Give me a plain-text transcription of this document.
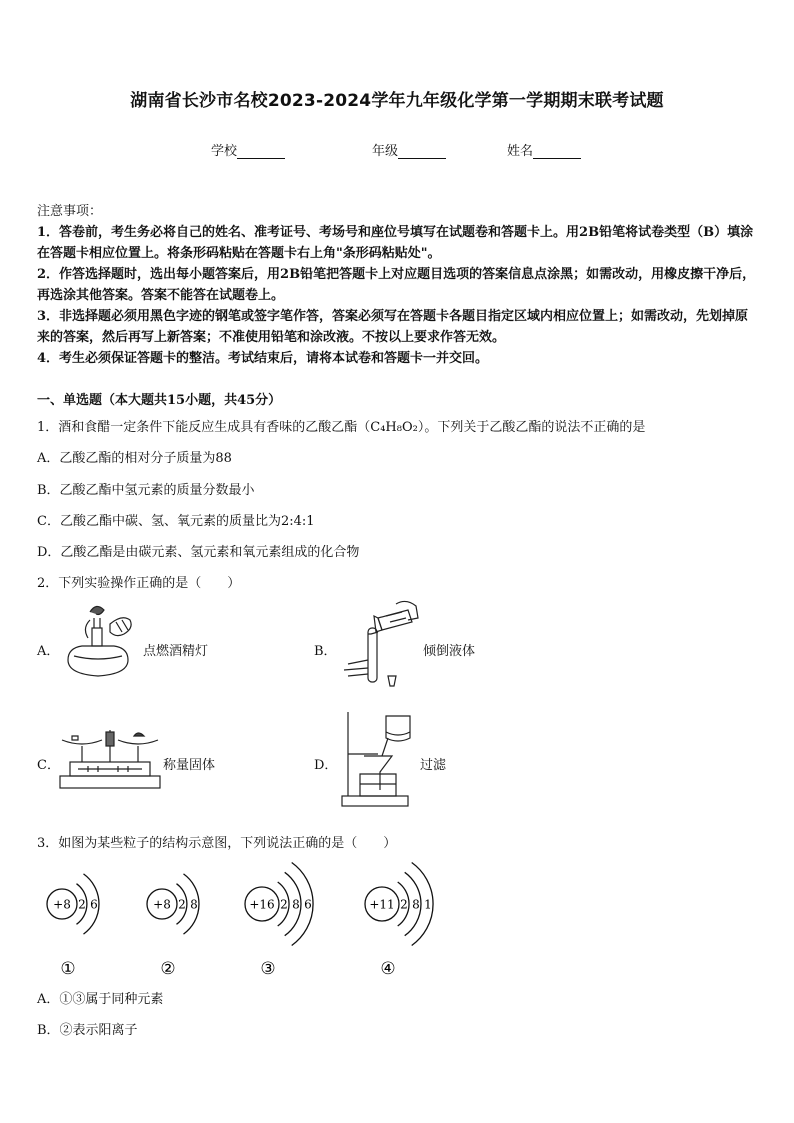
湖南省长沙市名校2023-2024学年九年级化学第一学期期末联考试题
学校	年级	姓名

注意事项：

1．答卷前，考生务必将自己的姓名、准考证号、考场号和座位号填写在试题卷和答题卡上。用2B铅笔将试卷类型（B）填涂在答题卡相应位置上。将条形码粘贴在答题卡右上角"条形码粘贴处"。

2．作答选择题时，选出每小题答案后，用2B铅笔把答题卡上对应题目选项的答案信息点涂黑；如需改动，用橡皮擦干净后，再选涂其他答案。答案不能答在试题卷上。

3．非选择题必须用黑色字迹的钢笔或签字笔作答，答案必须写在答题卡各题目指定区域内相应位置上；如需改动，先划掉原来的答案，然后再写上新答案；不准使用铅笔和涂改液。不按以上要求作答无效。

4．考生必须保证答题卡的整洁。考试结束后，请将本试卷和答题卡一并交回。

一、单选题（本大题共15小题，共45分）
1．酒和食醋一定条件下能反应生成具有香味的乙酸乙酯（C₄H₈O₂）。下列关于乙酸乙酯的说法不正确的是
A．乙酸乙酯的相对分子质量为88
B．乙酸乙酯中氢元素的质量分数最小
C．乙酸乙酯中碳、氢、氧元素的质量比为2:4:1
D．乙酸乙酯是由碳元素、氢元素和氧元素组成的化合物
2．下列实验操作正确的是（　　）
A．	点燃酒精灯	B．	倾倒液体
C．	称量固体	D．	过滤
3．如图为某些粒子的结构示意图，下列说法正确的是（　　）
+8 2 6
①
+8 2 8
②
+16 2 8 6
③
+11 2 8 1
④
A．①③属于同种元素
B．②表示阳离子
